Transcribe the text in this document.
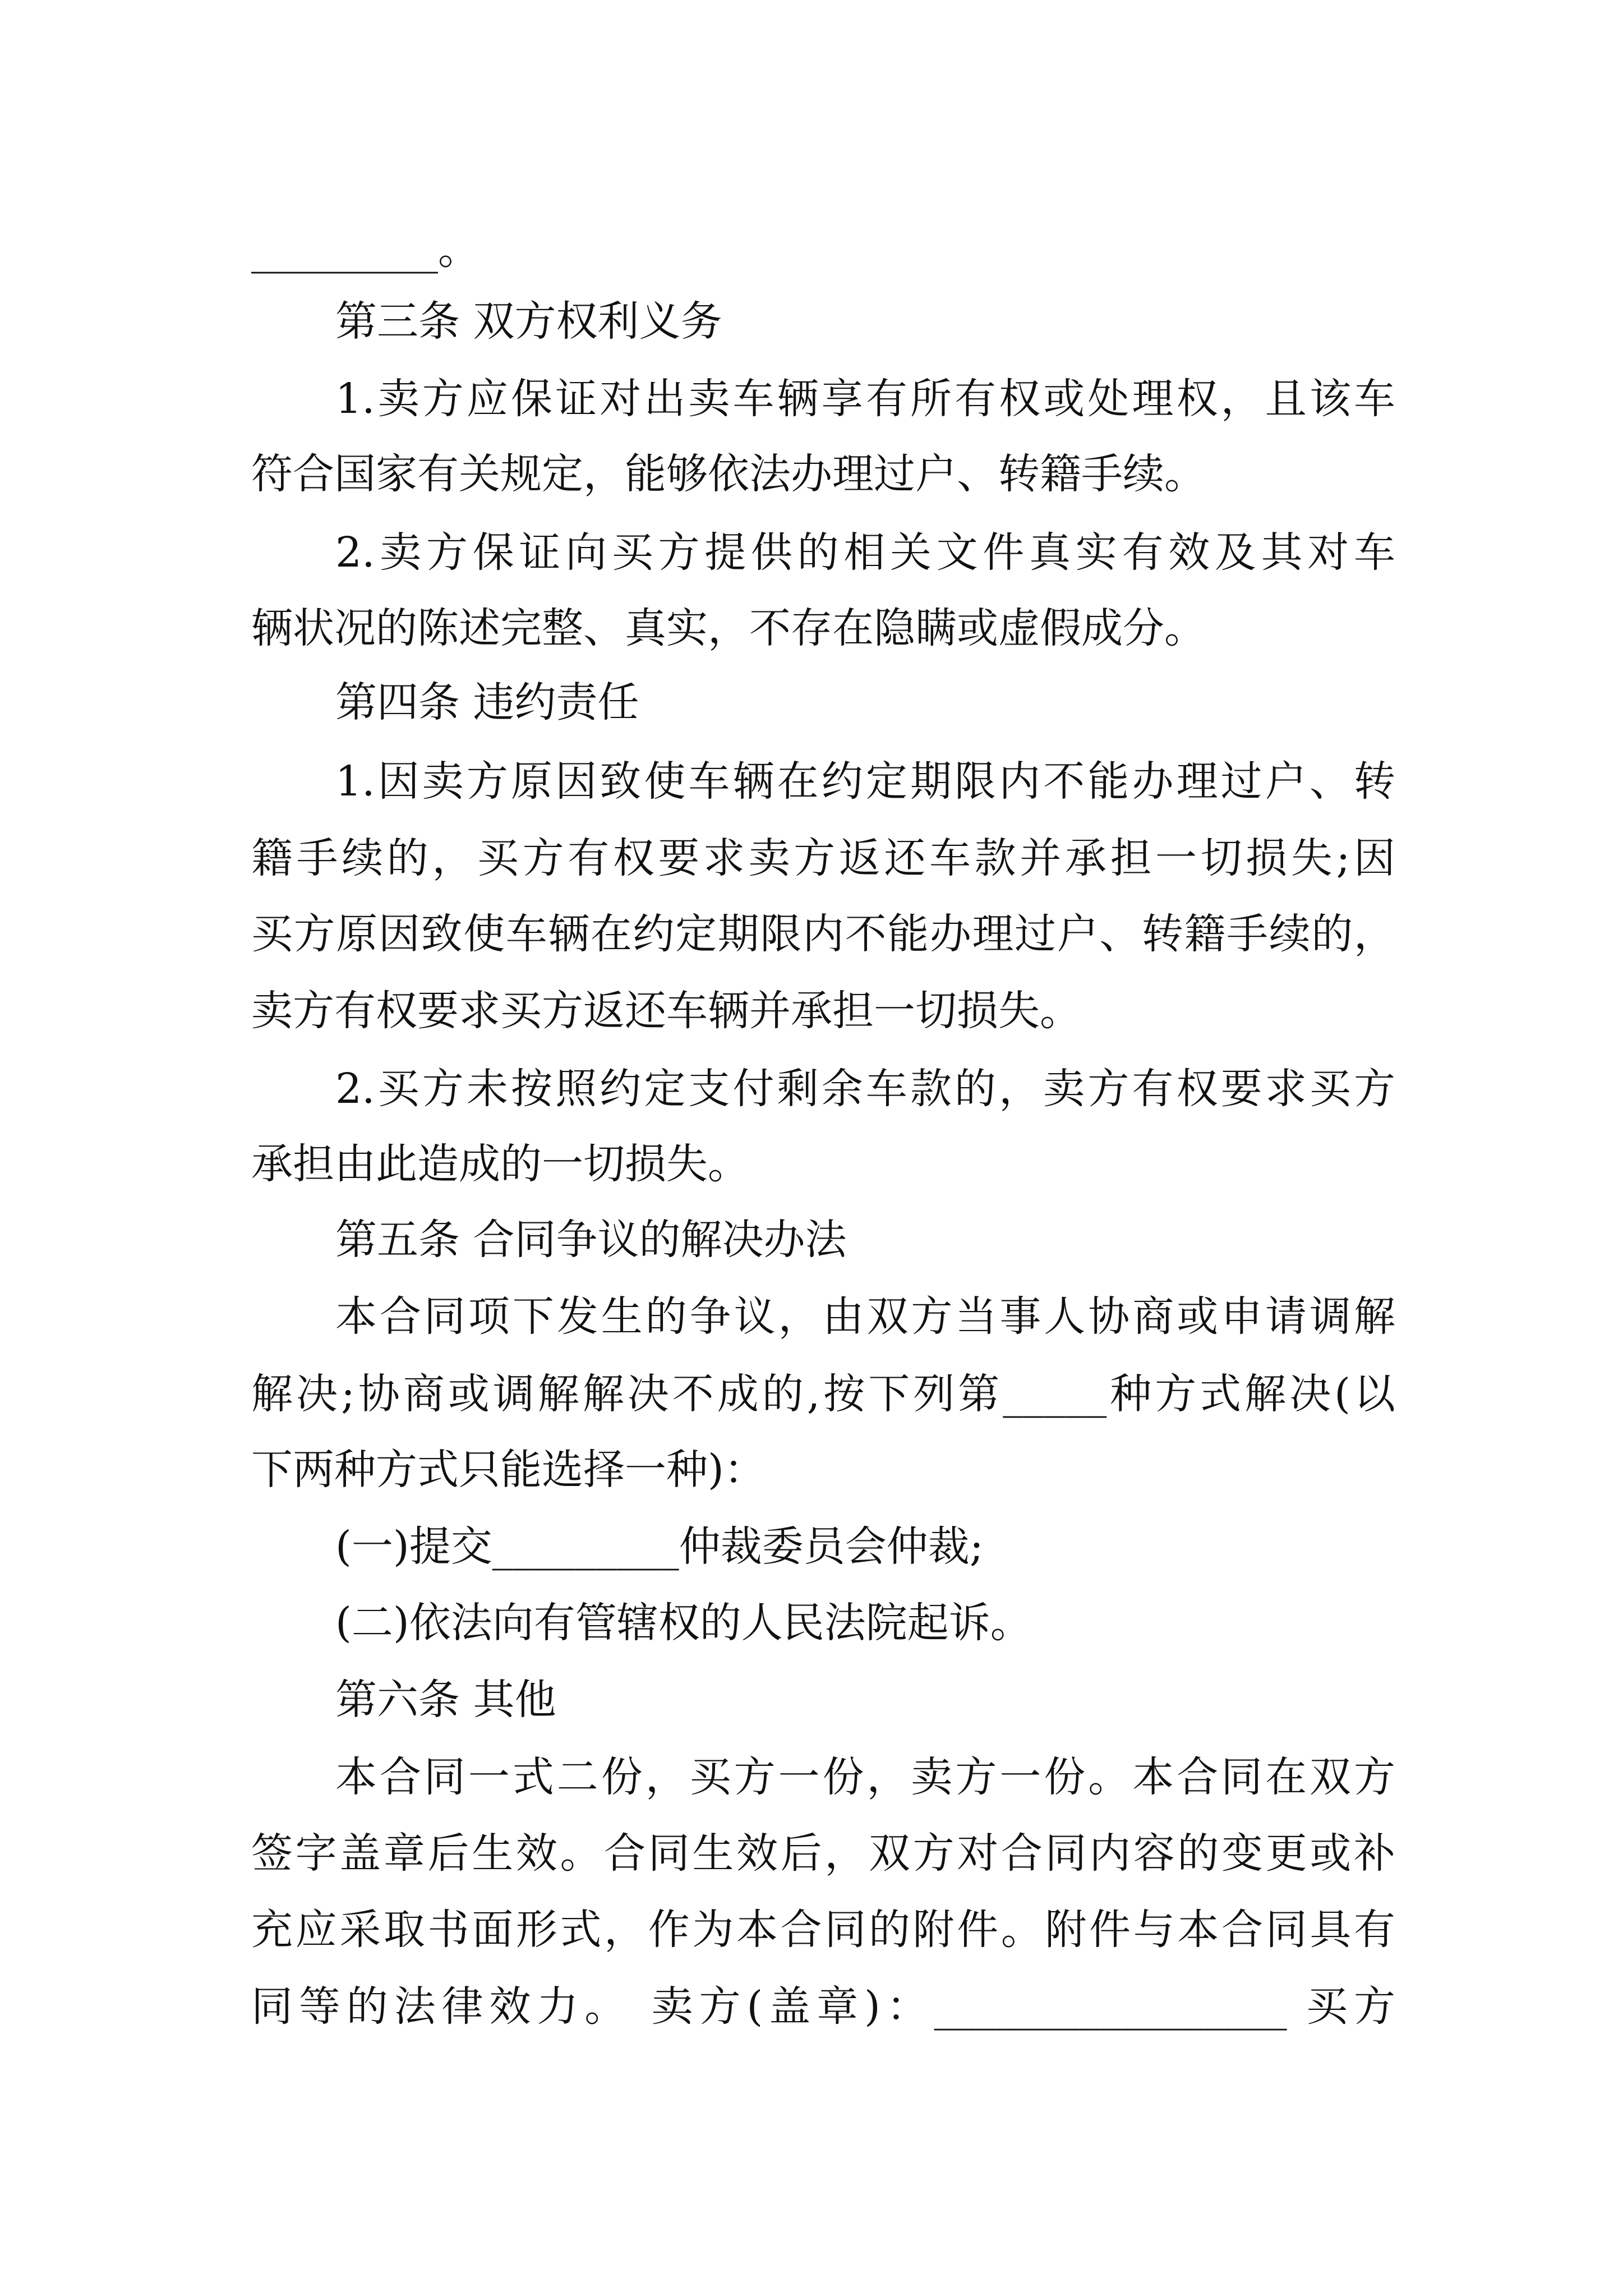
_________。
第三条 双方权利义务
1.卖方应保证对出卖车辆享有所有权或处理权，且该车
符合国家有关规定，能够依法办理过户、转籍手续。
2.卖方保证向买方提供的相关文件真实有效及其对车
辆状况的陈述完整、真实，不存在隐瞒或虚假成分。
第四条 违约责任
1.因卖方原因致使车辆在约定期限内不能办理过户、转
籍手续的，买方有权要求卖方返还车款并承担一切损失;因
买方原因致使车辆在约定期限内不能办理过户、转籍手续的，
卖方有权要求买方返还车辆并承担一切损失。
2.买方未按照约定支付剩余车款的，卖方有权要求买方
承担由此造成的一切损失。
第五条 合同争议的解决办法
本合同项下发生的争议，由双方当事人协商或申请调解
解决;协商或调解解决不成的,按下列第_____种方式解决(以
下两种方式只能选择一种)：
(一)提交_________仲裁委员会仲裁;
(二)依法向有管辖权的人民法院起诉。
第六条 其他
本合同一式二份，买方一份，卖方一份。本合同在双方
签字盖章后生效。合同生效后，双方对合同内容的变更或补
充应采取书面形式，作为本合同的附件。附件与本合同具有
同等的法律效力。 卖方(盖章)：_________________ 买方
